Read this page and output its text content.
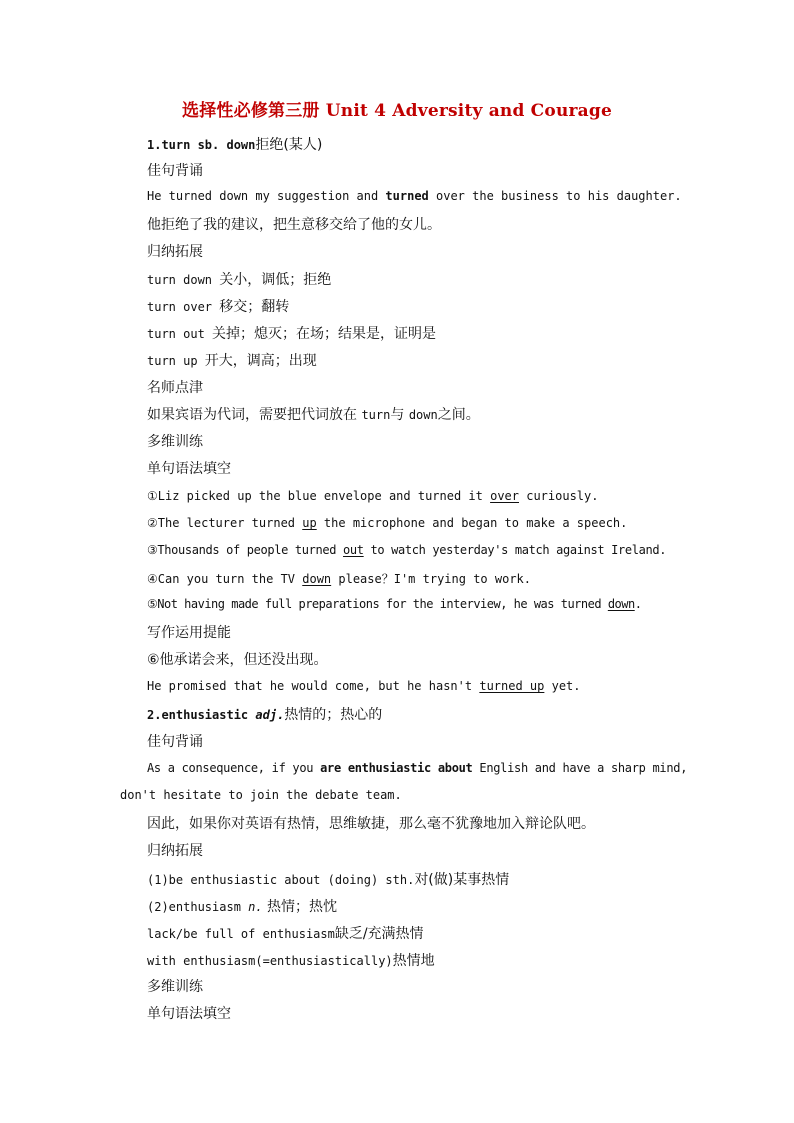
选择性必修第三册 Unit 4 Adversity and Courage
1.turn sb. down拒绝(某人)
佳句背诵
He turned down my suggestion and turned over the business to his daughter.
他拒绝了我的建议，把生意移交给了他的女儿。
归纳拓展
turn down 关小，调低；拒绝
turn over 移交；翻转
turn out 关掉；熄灭；在场；结果是，证明是
turn up 开大，调高；出现
名师点津
如果宾语为代词，需要把代词放在 turn与 down之间。
多维训练
单句语法填空
①Liz picked up the blue envelope and turned it over curiously.
②The lecturer turned up the microphone and began to make a speech.
③Thousands of people turned out to watch yesterday's match against Ireland.
④Can you turn the TV down please？I'm trying to work.
⑤Not having made full preparations for the interview, he was turned down.
写作运用提能
⑥他承诺会来，但还没出现。
He promised that he would come, but he hasn't turned up yet.
2.enthusiastic adj.热情的；热心的
佳句背诵
As a consequence, if you are enthusiastic about English and have a sharp mind,
don't hesitate to join the debate team.
因此，如果你对英语有热情，思维敏捷，那么毫不犹豫地加入辩论队吧。
归纳拓展
(1)be enthusiastic about (doing) sth.对(做)某事热情
(2)enthusiasm n. 热情；热忱
lack/be full of enthusiasm缺乏/充满热情
with enthusiasm(=enthusiastically)热情地
多维训练
单句语法填空
